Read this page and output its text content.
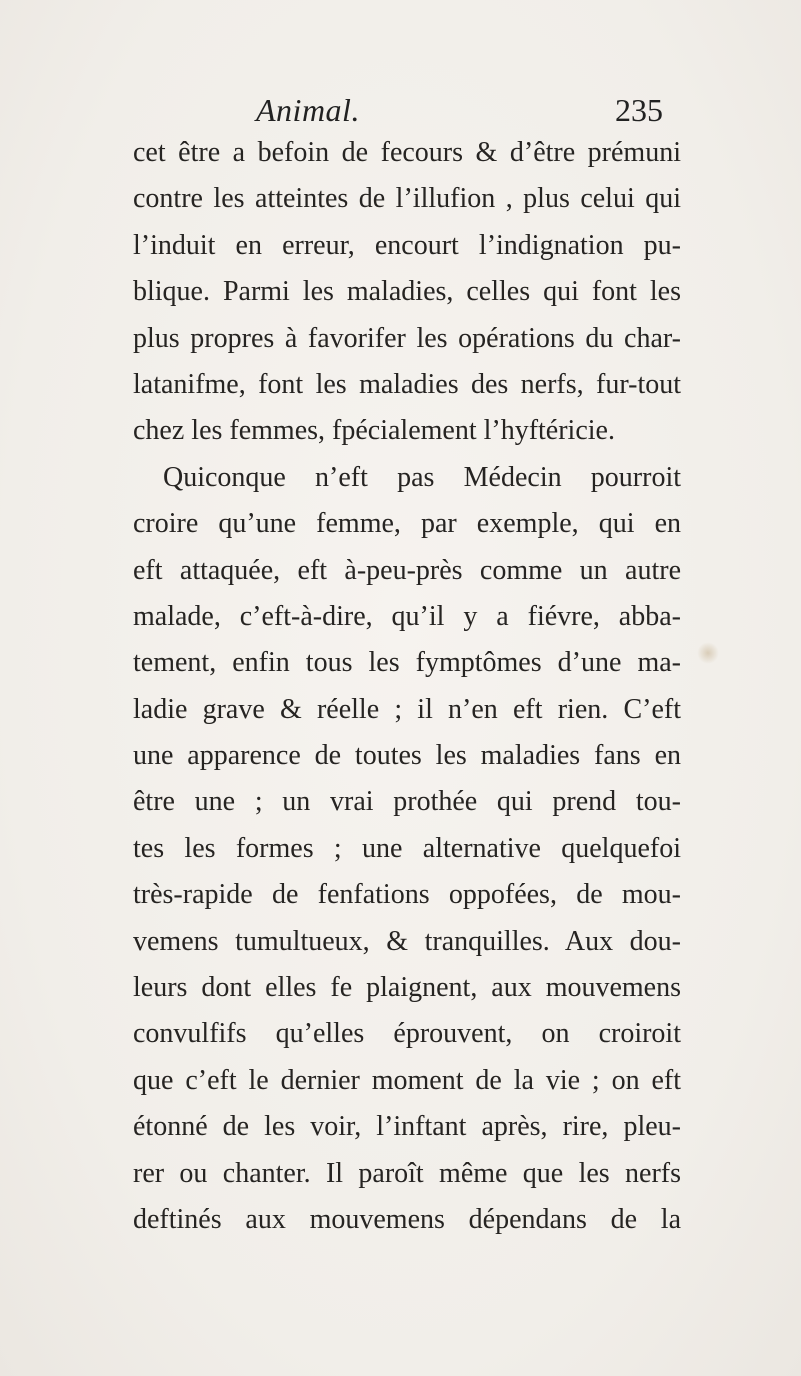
Animal.	235
cet être a befoin de fecours & d’être prémuni
contre les atteintes de l’illufion , plus celui qui
l’induit en erreur, encourt l’indignation pu-
blique. Parmi les maladies, celles qui font les
plus propres à favorifer les opérations du char-
latanifme, font les maladies des nerfs, fur-tout
chez les femmes, fpécialement l’hyftéricie.
Quiconque n’eft pas Médecin pourroit
croire qu’une femme, par exemple, qui en
eft attaquée, eft à-peu-près comme un autre
malade, c’eft-à-dire, qu’il y a fiévre, abba-
tement, enfin tous les fymptômes d’une ma-
ladie grave & réelle ; il n’en eft rien. C’eft
une apparence de toutes les maladies fans en
être une ; un vrai prothée qui prend tou-
tes les formes ; une alternative quelquefoi
très-rapide de fenfations oppofées, de mou-
vemens tumultueux, & tranquilles. Aux dou-
leurs dont elles fe plaignent, aux mouvemens
convulfifs qu’elles éprouvent, on croiroit
que c’eft le dernier moment de la vie ; on eft
étonné de les voir, l’inftant après, rire, pleu-
rer ou chanter. Il paroît même que les nerfs
deftinés aux mouvemens dépendans de la
